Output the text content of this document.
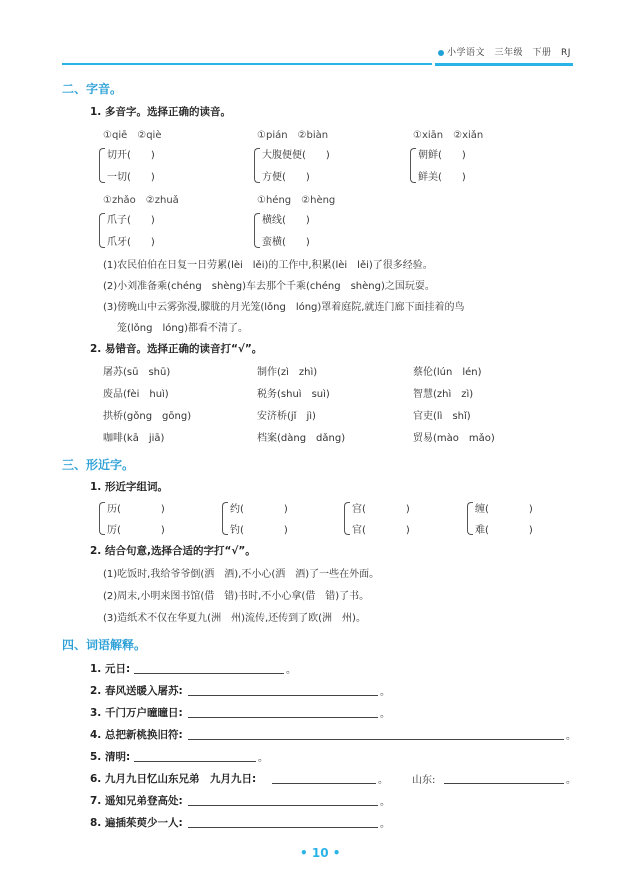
小学语文　三年级　下册　RJ
二、字音。
1. 多音字。选择正确的读音。
①qiē　②qiè	①pián　②biàn	①xiān　②xiǎn
切开(　　)
一切(　　)
大腹便便(　　)
方便(　　)
朝鲜(　　)
鲜美(　　)
①zhǎo　②zhuǎ	①héng　②hèng
爪子(　　)
爪牙(　　)
横线(　　)
蛮横(　　)
(1)农民伯伯在日复一日劳累(lèi　lěi)的工作中,积累(lèi　lěi)了很多经验。
(2)小刘准备乘(chéng　shèng)车去那个千乘(chéng　shèng)之国玩耍。
(3)傍晚山中云雾弥漫,朦胧的月光笼(lǒng　lóng)罩着庭院,就连门廊下面挂着的鸟
笼(lǒng　lóng)都看不清了。
2. 易错音。选择正确的读音打“√”。
屠苏(sū　shū)	制作(zì　zhì)	蔡伦(lún　lén)
废品(fèi　huì)	税务(shuì　suì)	智慧(zhì　zì)
拱桥(gǒng　gōng)	安济桥(jǐ　jì)	官吏(lì　shǐ)
咖啡(kā　jiā)	档案(dàng　dǎng)	贸易(mào　mǎo)
三、形近字。
1. 形近字组词。
历(　　　　)
厉(　　　　)
约(　　　　)
钓(　　　　)
宫(　　　　)
官(　　　　)
缠(　　　　)
难(　　　　)
2. 结合句意,选择合适的字打“√”。
(1)吃饭时,我给爷爷倒(洒　酒),不小心(洒　酒)了一些在外面。
(2)周末,小明来图书馆(借　错)书时,不小心拿(借　错)了书。
(3)造纸术不仅在华夏九(洲　州)流传,还传到了欧(洲　州)。
四、词语解释。
1. 元日:	。
2. 春风送暖入屠苏:	。
3. 千门万户曈曈日:	。
4. 总把新桃换旧符:	。
5. 清明:	。
6. 九月九日忆山东兄弟　九月九日:	。 山东:	。
7. 遥知兄弟登高处:	。
8. 遍插茱萸少一人:	。
• 10 •
